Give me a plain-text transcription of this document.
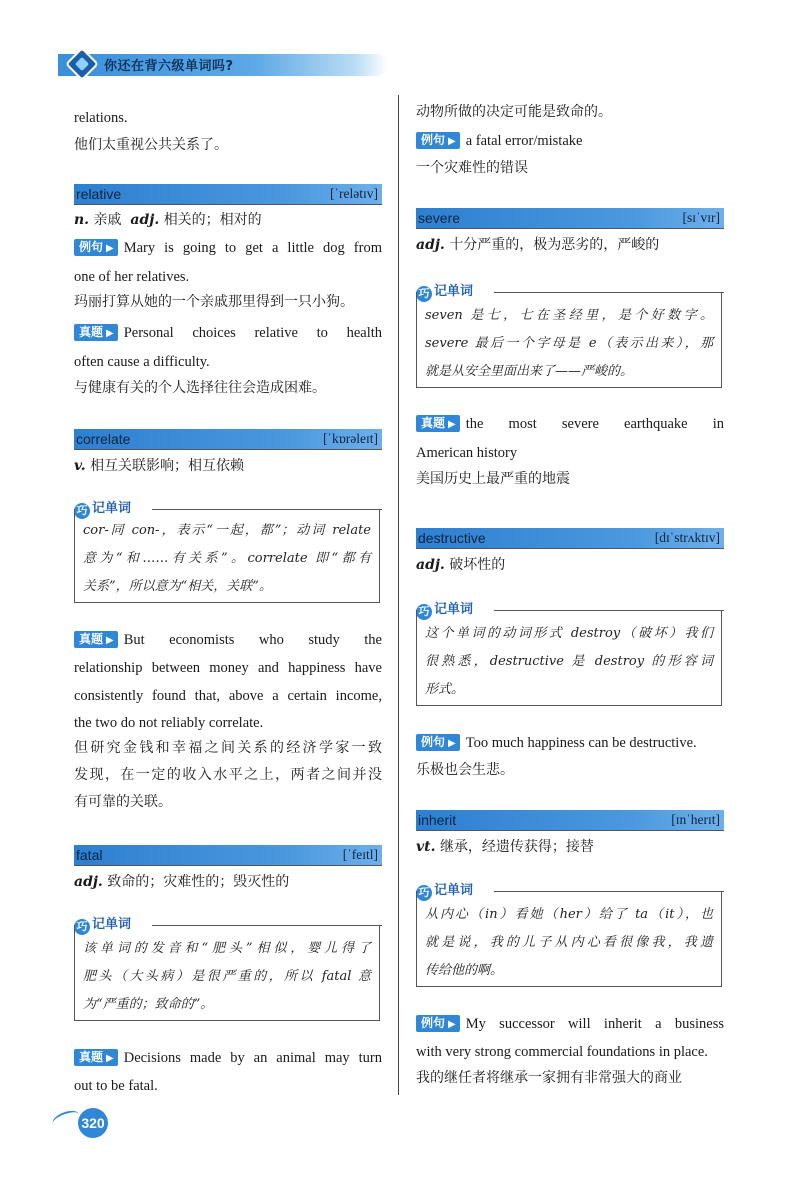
你还在背六级单词吗?
relations.
他们太重视公共关系了。
relative	[ˈrelətɪv]
n. 亲戚 adj. 相关的；相对的
例句 ▶ Mary is going to get a little dog from
one of her relatives.
玛丽打算从她的一个亲戚那里得到一只小狗。
真题 ▶ Personal choices relative to health
often cause a difficulty.
与健康有关的个人选择往往会造成困难。
correlate	[ˈkɒrəleɪt]
v. 相互关联影响；相互依赖
巧 记单词
cor-同 con-，表示“一起，都”；动词 relate
意为“和……有关系”。correlate 即“都有
关系”，所以意为“相关，关联”。
真题 ▶ But economists who study the
relationship between money and happiness have
consistently found that, above a certain income,
the two do not reliably correlate.
但研究金钱和幸福之间关系的经济学家一致
发现，在一定的收入水平之上，两者之间并没
有可靠的关联。
fatal	[ˈfeɪtl]
adj. 致命的；灾难性的；毁灭性的
巧 记单词
该单词的发音和“肥头”相似，婴儿得了
肥头（大头病）是很严重的，所以 fatal 意
为“严重的；致命的”。
真题 ▶ Decisions made by an animal may turn
out to be fatal.
动物所做的决定可能是致命的。
例句 ▶ a fatal error/mistake
一个灾难性的错误
severe	[sɪˈvɪr]
adj. 十分严重的，极为恶劣的，严峻的
巧 记单词
seven 是七，七在圣经里，是个好数字。
severe 最后一个字母是 e（表示出来），那
就是从安全里面出来了——严峻的。
真题 ▶ the most severe earthquake in
American history
美国历史上最严重的地震
destructive	[dɪˈstrʌktɪv]
adj. 破坏性的
巧 记单词
这个单词的动词形式 destroy（破坏）我们
很熟悉，destructive 是 destroy 的形容词
形式。
例句 ▶ Too much happiness can be destructive.
乐极也会生悲。
inherit	[ɪnˈherɪt]
vt. 继承，经遗传获得；接替
巧 记单词
从内心（in）看她（her）给了 ta（it），也
就是说，我的儿子从内心看很像我，我遗
传给他的啊。
例句 ▶ My successor will inherit a business
with very strong commercial foundations in place.
我的继任者将继承一家拥有非常强大的商业
320
